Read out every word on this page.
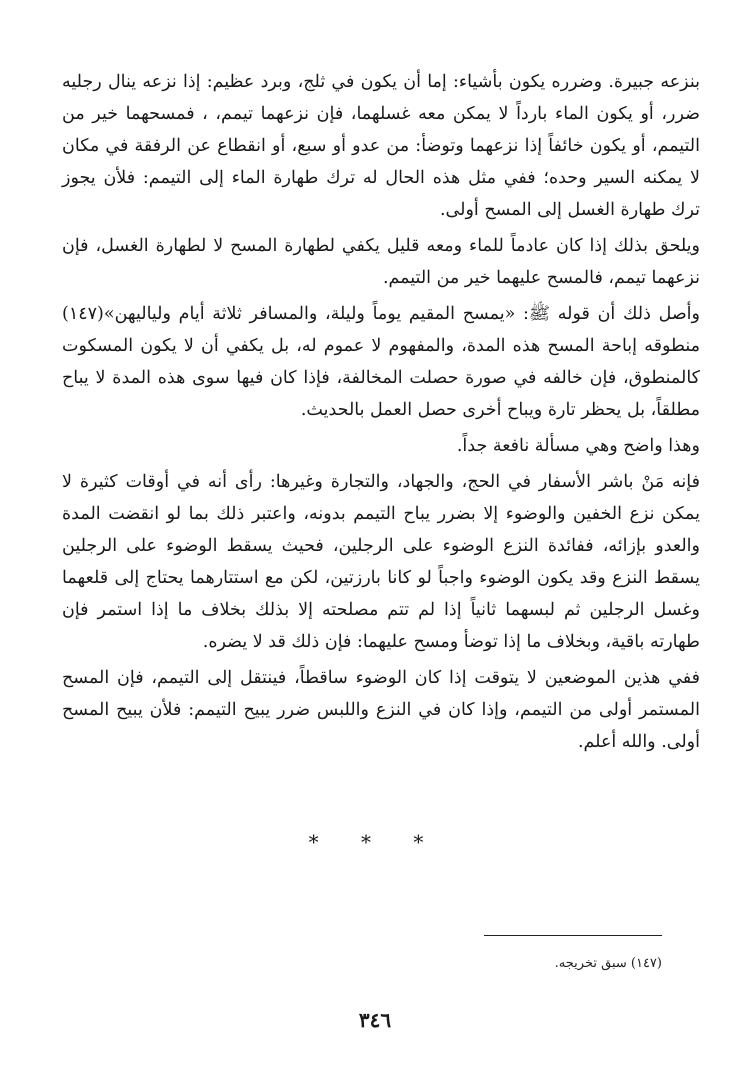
بنزعه جبيرة. وضرره يكون بأشياء: إما أن يكون في ثلج، وبرد عظيم: إذا نزعه ينال رجليه ضرر، أو يكون الماء بارداً لا يمكن معه غسلهما، فإن نزعهما تيمم، ، فمسحهما خير من التيمم، أو يكون خائفاً إذا نزعهما وتوضأ: من عدو أو سبع، أو انقطاع عن الرفقة في مكان لا يمكنه السير وحده؛ ففي مثل هذه الحال له ترك طهارة الماء إلى التيمم: فلأن يجوز ترك طهارة الغسل إلى المسح أولى.

ويلحق بذلك إذا كان عادماً للماء ومعه قليل يكفي لطهارة المسح لا لطهارة الغسل، فإن نزعهما تيمم، فالمسح عليهما خير من التيمم.

وأصل ذلك أن قوله ﷺ: «يمسح المقيم يوماً وليلة، والمسافر ثلاثة أيام ولياليهن»(١٤٧) منطوقه إباحة المسح هذه المدة، والمفهوم لا عموم له، بل يكفي أن لا يكون المسكوت كالمنطوق، فإن خالفه في صورة حصلت المخالفة، فإذا كان فيها سوى هذه المدة لا يباح مطلقاً، بل يحظر تارة ويباح أخرى حصل العمل بالحديث.

وهذا واضح وهي مسألة نافعة جداً.

فإنه مَنْ باشر الأسفار في الحج، والجهاد، والتجارة وغيرها: رأى أنه في أوقات كثيرة لا يمكن نزع الخفين والوضوء إلا بضرر يباح التيمم بدونه، واعتبر ذلك بما لو انقضت المدة والعدو بإزائه، ففائدة النزع الوضوء على الرجلين، فحيث يسقط الوضوء على الرجلين يسقط النزع وقد يكون الوضوء واجباً لو كانا بارزتين، لكن مع استتارهما يحتاج إلى قلعهما وغسل الرجلين ثم لبسهما ثانياً إذا لم تتم مصلحته إلا بذلك بخلاف ما إذا استمر فإن طهارته باقية، وبخلاف ما إذا توضأ ومسح عليهما: فإن ذلك قد لا يضره.

ففي هذين الموضعين لا يتوقت إذا كان الوضوء ساقطاً، فينتقل إلى التيمم، فإن المسح المستمر أولى من التيمم، وإذا كان في النزع واللبس ضرر يبيح التيمم: فلأن يبيح المسح أولى. والله أعلم.

* * *
(١٤٧) سبق تخريجه.
٣٤٦
